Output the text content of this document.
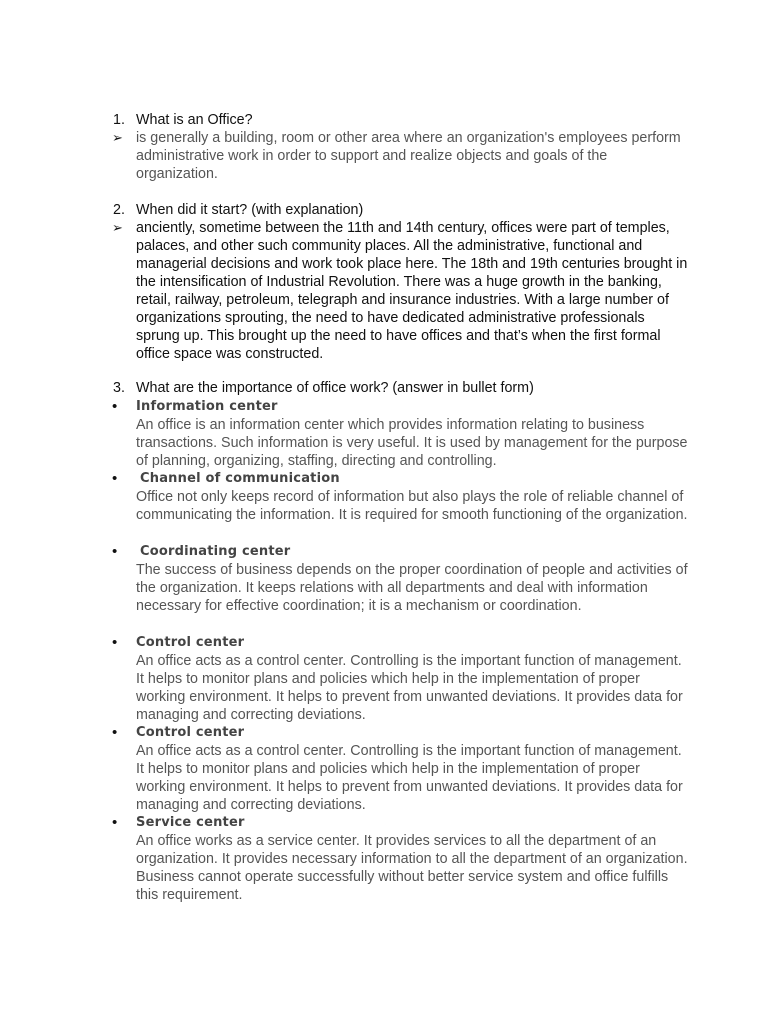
1. What is an Office?
➢ is generally a building, room or other area where an organization's employees perform administrative work in order to support and realize objects and goals of the organization.
2. When did it start? (with explanation)
➢ anciently, sometime between the 11th and 14th century, offices were part of temples, palaces, and other such community places. All the administrative, functional and managerial decisions and work took place here. The 18th and 19th centuries brought in the intensification of Industrial Revolution. There was a huge growth in the banking, retail, railway, petroleum, telegraph and insurance industries. With a large number of organizations sprouting, the need to have dedicated administrative professionals sprung up. This brought up the need to have offices and that’s when the first formal office space was constructed.
3. What are the importance of office work? (answer in bullet form)
• Information center
An office is an information center which provides information relating to business transactions. Such information is very useful. It is used by management for the purpose of planning, organizing, staffing, directing and controlling.
• Channel of communication
Office not only keeps record of information but also plays the role of reliable channel of communicating the information. It is required for smooth functioning of the organization.
• Coordinating center
The success of business depends on the proper coordination of people and activities of the organization. It keeps relations with all departments and deal with information necessary for effective coordination; it is a mechanism or coordination.
• Control center
An office acts as a control center. Controlling is the important function of management. It helps to monitor plans and policies which help in the implementation of proper working environment. It helps to prevent from unwanted deviations. It provides data for managing and correcting deviations.
• Control center
An office acts as a control center. Controlling is the important function of management. It helps to monitor plans and policies which help in the implementation of proper working environment. It helps to prevent from unwanted deviations. It provides data for managing and correcting deviations.
• Service center
An office works as a service center. It provides services to all the department of an organization. It provides necessary information to all the department of an organization. Business cannot operate successfully without better service system and office fulfills this requirement.
